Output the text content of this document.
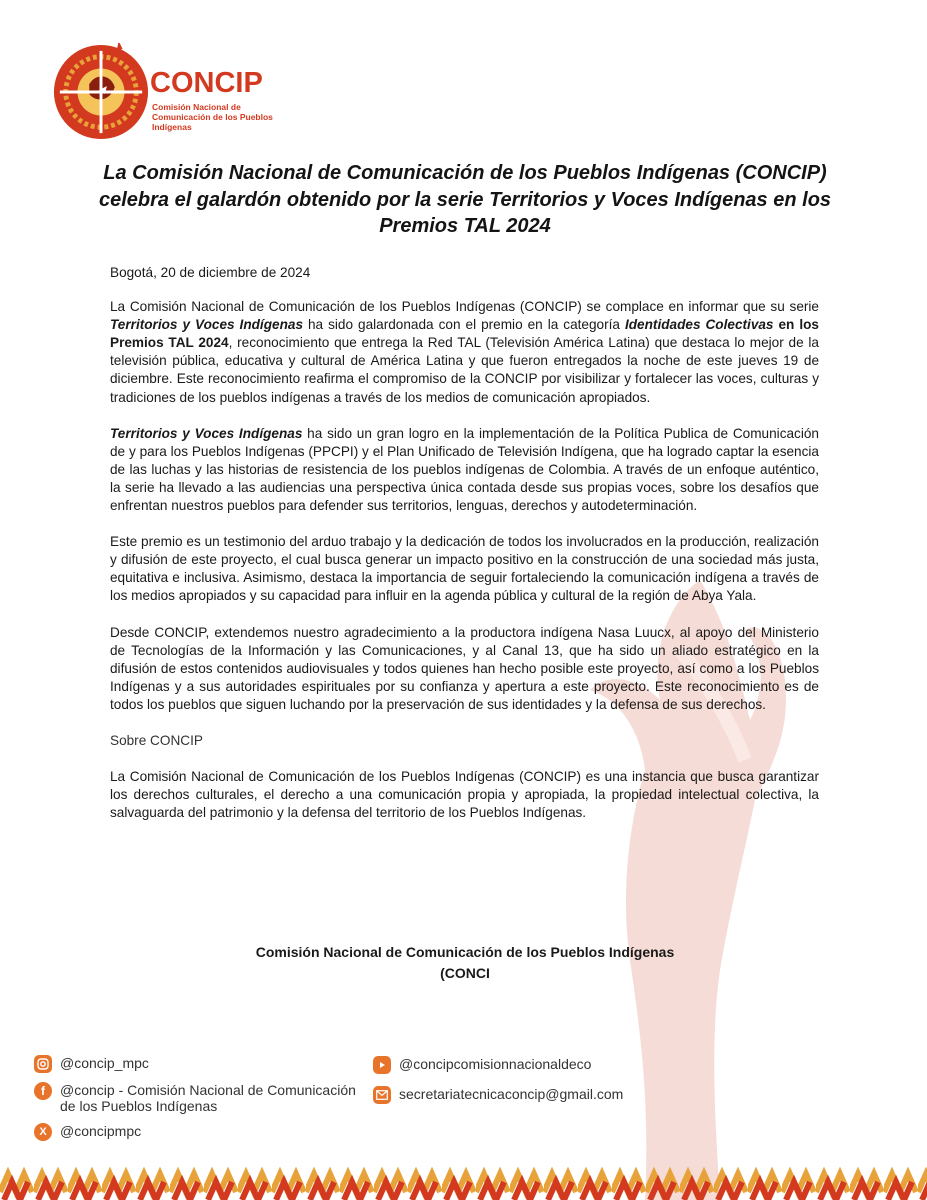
CONCIP
Comisión Nacional de Comunicación de los Pueblos Indígenas
La Comisión Nacional de Comunicación de los Pueblos Indígenas (CONCIP) celebra el galardón obtenido por la serie Territorios y Voces Indígenas en los Premios TAL 2024

Bogotá, 20 de diciembre de 2024

La Comisión Nacional de Comunicación de los Pueblos Indígenas (CONCIP) se complace en informar que su serie Territorios y Voces Indígenas ha sido galardonada con el premio en la categoría Identidades Colectivas en los Premios TAL 2024, reconocimiento que entrega la Red TAL (Televisión América Latina) que destaca lo mejor de la televisión pública, educativa y cultural de América Latina y que fueron entregados la noche de este jueves 19 de diciembre. Este reconocimiento reafirma el compromiso de la CONCIP por visibilizar y fortalecer las voces, culturas y tradiciones de los pueblos indígenas a través de los medios de comunicación apropiados.

Territorios y Voces Indígenas ha sido un gran logro en la implementación de la Política Publica de Comunicación de y para los Pueblos Indígenas (PPCPI) y el Plan Unificado de Televisión Indígena, que ha logrado captar la esencia de las luchas y las historias de resistencia de los pueblos indígenas de Colombia. A través de un enfoque auténtico, la serie ha llevado a las audiencias una perspectiva única contada desde sus propias voces, sobre los desafíos que enfrentan nuestros pueblos para defender sus territorios, lenguas, derechos y autodeterminación.

Este premio es un testimonio del arduo trabajo y la dedicación de todos los involucrados en la producción, realización y difusión de este proyecto, el cual busca generar un impacto positivo en la construcción de una sociedad más justa, equitativa e inclusiva. Asimismo, destaca la importancia de seguir fortaleciendo la comunicación indígena a través de los medios apropiados y su capacidad para influir en la agenda pública y cultural de la región de Abya Yala.

Desde CONCIP, extendemos nuestro agradecimiento a la productora indígena Nasa Luucx, al apoyo del Ministerio de Tecnologías de la Información y las Comunicaciones, y al Canal 13, que ha sido un aliado estratégico en la difusión de estos contenidos audiovisuales y todos quienes han hecho posible este proyecto, así como a los Pueblos Indígenas y a sus autoridades espirituales por su confianza y apertura a este proyecto. Este reconocimiento es de todos los pueblos que siguen luchando por la preservación de sus identidades y la defensa de sus derechos.

Sobre CONCIP

La Comisión Nacional de Comunicación de los Pueblos Indígenas (CONCIP) es una instancia que busca garantizar los derechos culturales, el derecho a una comunicación propia y apropiada, la propiedad intelectual colectiva, la salvaguarda del patrimonio y la defensa del territorio de los Pueblos Indígenas.

Comisión Nacional de Comunicación de los Pueblos Indígenas
(CONCI
@concip_mpc
f @concip - Comisión Nacional de Comunicación de los Pueblos Indígenas
X @concipmpc
@concipcomisionnacionaldeco
secretariatecnicaconcip@gmail.com
